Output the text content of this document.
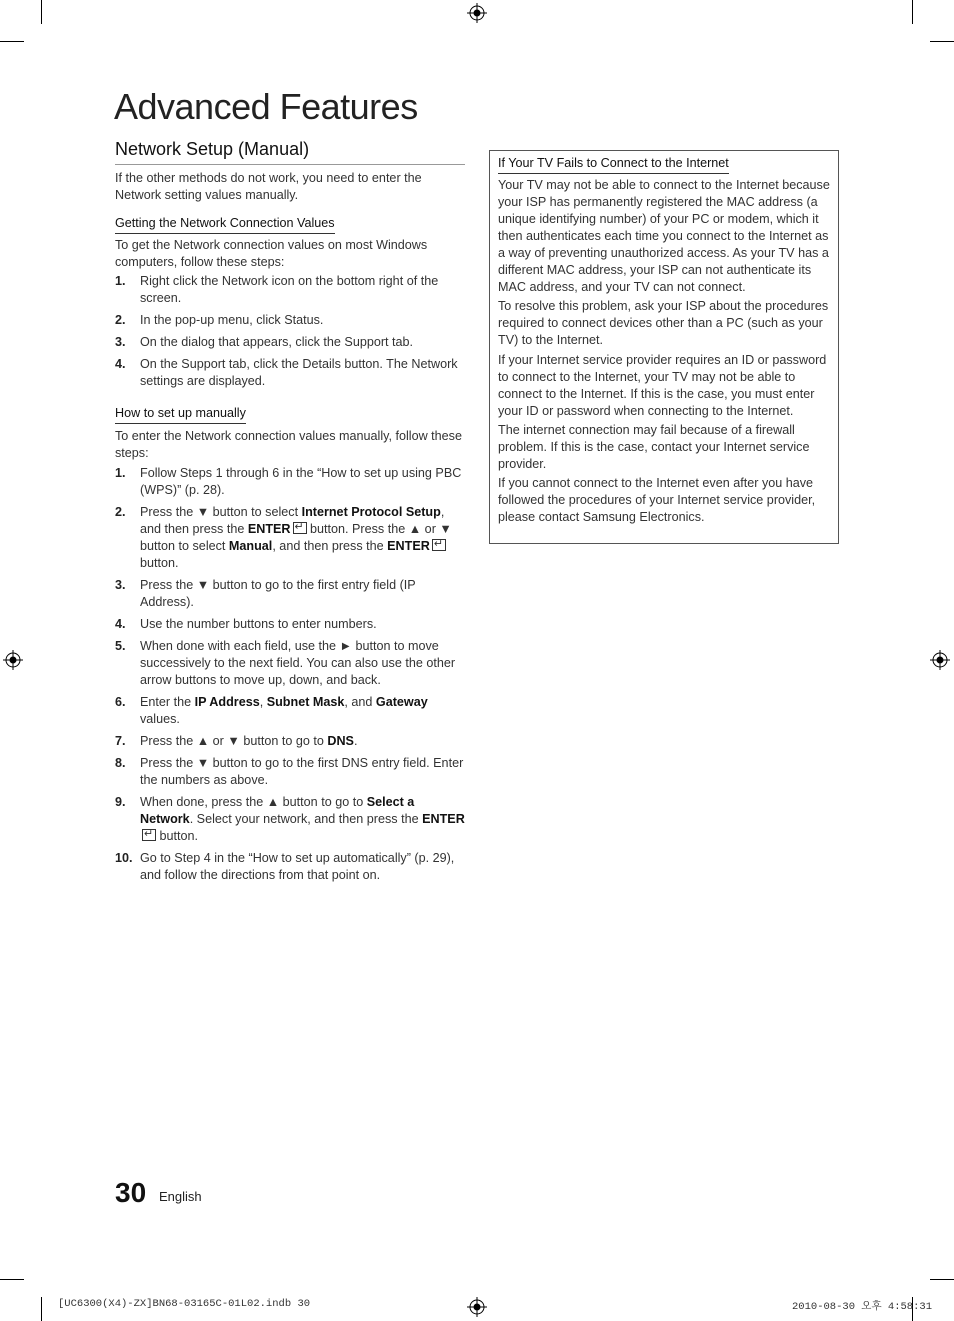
Advanced Features
Network Setup (Manual)

If the other methods do not work, you need to enter the Network setting values manually.

Getting the Network Connection Values

To get the Network connection values on most Windows computers, follow these steps:

1. Right click the Network icon on the bottom right of the screen.
2. In the pop-up menu, click Status.
3. On the dialog that appears, click the Support tab.
4. On the Support tab, click the Details button. The Network settings are displayed.
How to set up manually

To enter the Network connection values manually, follow these steps:

1. Follow Steps 1 through 6 in the “How to set up using PBC (WPS)” (p. 28).
2. Press the ▼ button to select Internet Protocol Setup, and then press the ENTER↵ button. Press the ▲ or ▼ button to select Manual, and then press the ENTER↵ button.
3. Press the ▼ button to go to the first entry field (IP Address).
4. Use the number buttons to enter numbers.
5. When done with each field, use the ► button to move successively to the next field. You can also use the other arrow buttons to move up, down, and back.
6. Enter the IP Address, Subnet Mask, and Gateway values.
7. Press the ▲ or ▼ button to go to DNS.
8. Press the ▼ button to go to the first DNS entry field. Enter the numbers as above.
9. When done, press the ▲ button to go to Select a Network. Select your network, and then press the ENTER↵ button.
10. Go to Step 4 in the “How to set up automatically” (p. 29), and follow the directions from that point on.
If Your TV Fails to Connect to the Internet

Your TV may not be able to connect to the Internet because your ISP has permanently registered the MAC address (a unique identifying number) of your PC or modem, which it then authenticates each time you connect to the Internet as a way of preventing unauthorized access. As your TV has a different MAC address, your ISP can not authenticate its MAC address, and your TV can not connect.

To resolve this problem, ask your ISP about the procedures required to connect devices other than a PC (such as your TV) to the Internet.

If your Internet service provider requires an ID or password to connect to the Internet, your TV may not be able to connect to the Internet. If this is the case, you must enter your ID or password when connecting to the Internet.

The internet connection may fail because of a firewall problem. If this is the case, contact your Internet service provider.

If you cannot connect to the Internet even after you have followed the procedures of your Internet service provider, please contact Samsung Electronics.

30 English
[UC6300(X4)-ZX]BN68-03165C-01L02.indb 30	2010-08-30 오후 4:58:31
